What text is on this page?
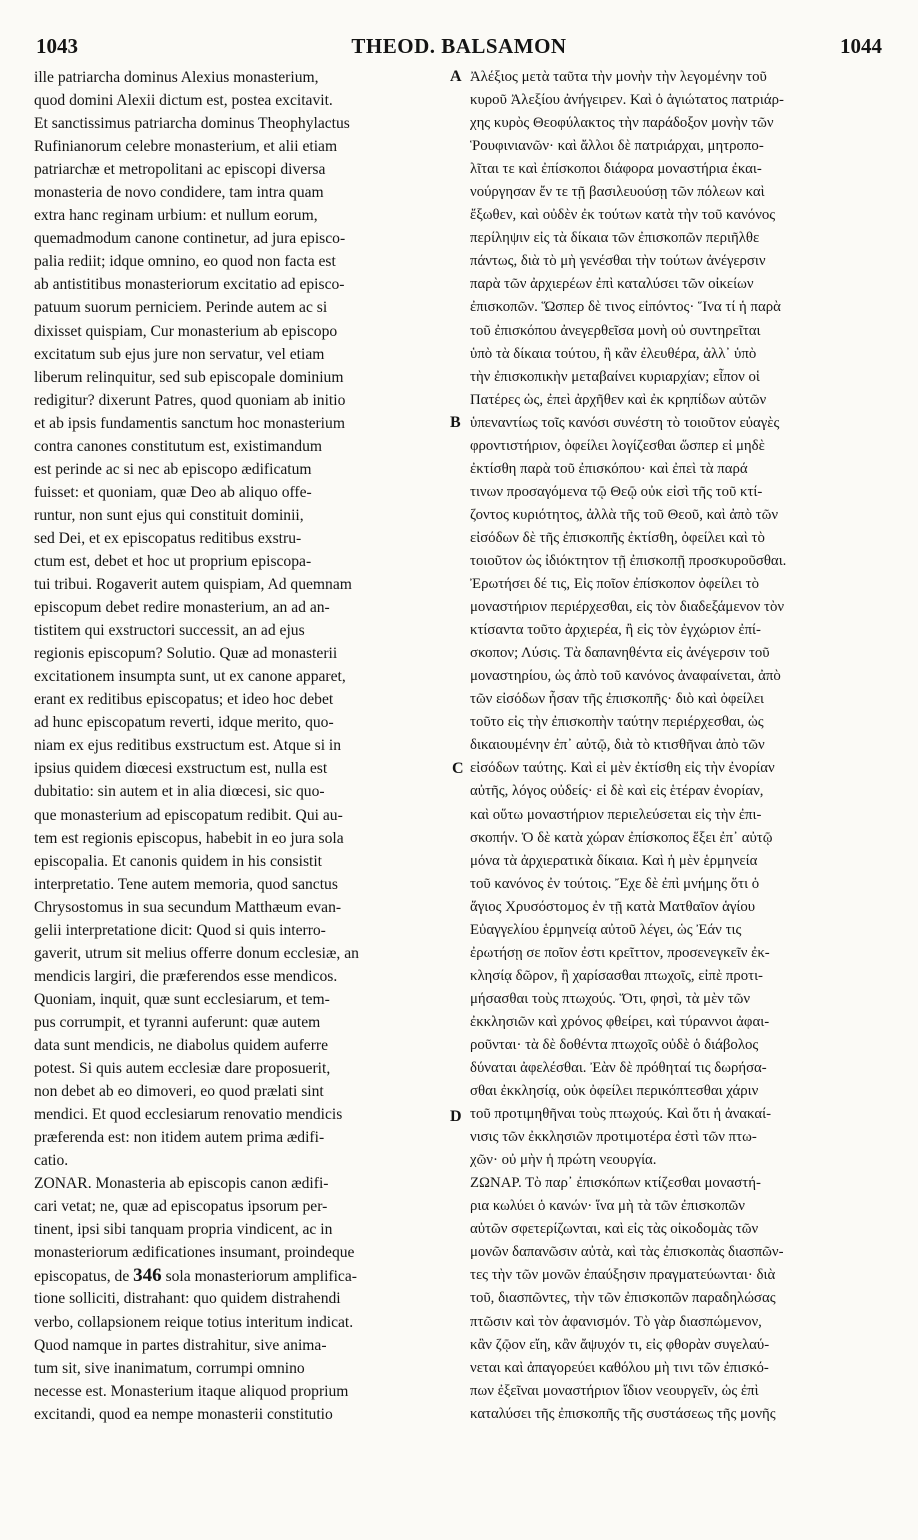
1043	THEOD. BALSAMON	1044
ille patriarcha dominus Alexius monasterium,
quod domini Alexii dictum est, postea excitavit.
Et sanctissimus patriarcha dominus Theophylactus
Rufinianorum celebre monasterium, et alii etiam
patriarchæ et metropolitani ac episcopi diversa
monasteria de novo condidere, tam intra quam
extra hanc reginam urbium: et nullum eorum,
quemadmodum canone continetur, ad jura episco-
palia rediit; idque omnino, eo quod non facta est
ab antistitibus monasteriorum excitatio ad episco-
patuum suorum perniciem. Perinde autem ac si
dixisset quispiam, Cur monasterium ab episcopo
excitatum sub ejus jure non servatur, vel etiam
liberum relinquitur, sed sub episcopale dominium
redigitur? dixerunt Patres, quod quoniam ab initio
et ab ipsis fundamentis sanctum hoc monasterium
contra canones constitutum est, existimandum
est perinde ac si nec ab episcopo ædificatum
fuisset: et quoniam, quæ Deo ab aliquo offe-
runtur, non sunt ejus qui constituit dominii,
sed Dei, et ex episcopatus reditibus exstru-
ctum est, debet et hoc ut proprium episcopa-
tui tribui. Rogaverit autem quispiam, Ad quemnam
episcopum debet redire monasterium, an ad an-
tistitem qui exstructori successit, an ad ejus
regionis episcopum? Solutio. Quæ ad monasterii
excitationem insumpta sunt, ut ex canone apparet,
erant ex reditibus episcopatus; et ideo hoc debet
ad hunc episcopatum reverti, idque merito, quo-
niam ex ejus reditibus exstructum est. Atque si in
ipsius quidem diœcesi exstructum est, nulla est
dubitatio: sin autem et in alia diœcesi, sic quo-
que monasterium ad episcopatum redibit. Qui au-
tem est regionis episcopus, habebit in eo jura sola
episcopalia. Et canonis quidem in his consistit
interpretatio. Tene autem memoria, quod sanctus
Chrysostomus in sua secundum Matthæum evan-
gelii interpretatione dicit: Quod si quis interro-
gaverit, utrum sit melius offerre donum ecclesiæ, an
mendicis largiri, die præferendos esse mendicos.
Quoniam, inquit, quæ sunt ecclesiarum, et tem-
pus corrumpit, et tyranni auferunt: quæ autem
data sunt mendicis, ne diabolus quidem auferre
potest. Si quis autem ecclesiæ dare proposuerit,
non debet ab eo dimoveri, eo quod prælati sint
mendici. Et quod ecclesiarum renovatio mendicis
præferenda est: non itidem autem prima ædifi-
catio.
ZONAR. Monasteria ab episcopis canon ædifi-
cari vetat; ne, quæ ad episcopatus ipsorum per-
tinent, ipsi sibi tanquam propria vindicent, ac in
monasteriorum ædificationes insumant, proindeque
episcopatus, de 346 sola monasteriorum amplifica-
tione solliciti, distrahant: quo quidem distrahendi
verbo, collapsionem reique totius interitum indicat.
Quod namque in partes distrahitur, sive anima-
tum sit, sive inanimatum, corrumpi omnino
necesse est. Monasterium itaque aliquod proprium
excitandi, quod ea nempe monasterii constitutio
Ἀλέξιος μετὰ ταῦτα τὴν μονὴν τὴν λεγομένην τοῦ
κυροῦ Ἀλεξίου ἀνήγειρεν. Καὶ ὁ ἁγιώτατος πατριάρ-
χης κυρὸς Θεοφύλακτος τὴν παράδοξον μονὴν τῶν
Ῥουφινιανῶν· καὶ ἄλλοι δὲ πατριάρχαι, μητροπο-
λῖται τε καὶ ἐπίσκοποι διάφορα μοναστήρια ἐκαι-
νούργησαν ἔν τε τῇ βασιλευούσῃ τῶν πόλεων καὶ
ἔξωθεν, καὶ οὐδὲν ἐκ τούτων κατὰ τὴν τοῦ κανόνος
περίληψιν εἰς τὰ δίκαια τῶν ἐπισκοπῶν περιῆλθε
πάντως, διὰ τὸ μὴ γενέσθαι τὴν τούτων ἀνέγερσιν
παρὰ τῶν ἀρχιερέων ἐπὶ καταλύσει τῶν οἰκείων
ἐπισκοπῶν. Ὥσπερ δὲ τινος εἰπόντος· Ἵνα τί ἡ παρὰ
τοῦ ἐπισκόπου ἀνεγερθεῖσα μονὴ οὐ συντηρεῖται
ὑπὸ τὰ δίκαια τούτου, ἢ κἂν ἐλευθέρα, ἀλλ᾽ ὑπὸ
τὴν ἐπισκοπικὴν μεταβαίνει κυριαρχίαν; εἶπον οἱ
Πατέρες ὡς, ἐπεὶ ἀρχῆθεν καὶ ἐκ κρηπίδων αὐτῶν
ὑπεναντίως τοῖς κανόσι συνέστη τὸ τοιοῦτον εὐαγὲς
φροντιστήριον, ὀφείλει λογίζεσθαι ὥσπερ εἰ μηδὲ
ἐκτίσθη παρὰ τοῦ ἐπισκόπου· καὶ ἐπεὶ τὰ παρά
τινων προσαγόμενα τῷ Θεῷ οὐκ εἰσὶ τῆς τοῦ κτί-
ζοντος κυριότητος, ἀλλὰ τῆς τοῦ Θεοῦ, καὶ ἀπὸ τῶν
εἰσόδων δὲ τῆς ἐπισκοπῆς ἐκτίσθη, ὀφείλει καὶ τὸ
τοιοῦτον ὡς ἰδιόκτητον τῇ ἐπισκοπῇ προσκυροῦσθαι.
Ἐρωτήσει δέ τις, Εἰς ποῖον ἐπίσκοπον ὀφείλει τὸ
μοναστήριον περιέρχεσθαι, εἰς τὸν διαδεξάμενον τὸν
κτίσαντα τοῦτο ἀρχιερέα, ἢ εἰς τὸν ἐγχώριον ἐπί-
σκοπον; Λύσις. Τὰ δαπανηθέντα εἰς ἀνέγερσιν τοῦ
μοναστηρίου, ὡς ἀπὸ τοῦ κανόνος ἀναφαίνεται, ἀπὸ
τῶν εἰσόδων ἦσαν τῆς ἐπισκοπῆς· διὸ καὶ ὀφείλει
τοῦτο εἰς τὴν ἐπισκοπὴν ταύτην περιέρχεσθαι, ὡς
δικαιουμένην ἐπ᾽ αὐτῷ, διὰ τὸ κτισθῆναι ἀπὸ τῶν
εἰσόδων ταύτης. Καὶ εἰ μὲν ἐκτίσθη εἰς τὴν ἐνορίαν
αὐτῆς, λόγος οὐδείς· εἰ δὲ καὶ εἰς ἑτέραν ἐνορίαν,
καὶ οὕτω μοναστήριον περιελεύσεται εἰς τὴν ἐπι-
σκοπήν. Ὁ δὲ κατὰ χώραν ἐπίσκοπος ἕξει ἐπ᾽ αὐτῷ
μόνα τὰ ἀρχιερατικὰ δίκαια. Καὶ ἡ μὲν ἑρμηνεία
τοῦ κανόνος ἐν τούτοις. Ἔχε δὲ ἐπὶ μνήμης ὅτι ὁ
ἅγιος Χρυσόστομος ἐν τῇ κατὰ Ματθαῖον ἁγίου
Εὐαγγελίου ἑρμηνείᾳ αὐτοῦ λέγει, ὡς Ἐάν τις
ἐρωτήσῃ σε ποῖον ἐστι κρεῖττον, προσενεγκεῖν ἐκ-
κλησίᾳ δῶρον, ἢ χαρίσασθαι πτωχοῖς, εἰπὲ προτι-
μήσασθαι τοὺς πτωχούς. Ὅτι, φησὶ, τὰ μὲν τῶν
ἐκκλησιῶν καὶ χρόνος φθείρει, καὶ τύραννοι ἀφαι-
ροῦνται· τὰ δὲ δοθέντα πτωχοῖς οὐδὲ ὁ διάβολος
δύναται ἀφελέσθαι. Ἐὰν δὲ πρόθηταί τις δωρήσα-
σθαι ἐκκλησίᾳ, οὐκ ὀφείλει περικόπτεσθαι χάριν
τοῦ προτιμηθῆναι τοὺς πτωχούς. Καὶ ὅτι ἡ ἀνακαί-
νισις τῶν ἐκκλησιῶν προτιμοτέρα ἐστὶ τῶν πτω-
χῶν· οὐ μὴν ἡ πρώτη νεουργία.
ΖΩΝΑΡ. Τὸ παρ᾽ ἐπισκόπων κτίζεσθαι μοναστή-
ρια κωλύει ὁ κανών· ἵνα μὴ τὰ τῶν ἐπισκοπῶν
αὐτῶν σφετερίζωνται, καὶ εἰς τὰς οἰκοδομὰς τῶν
μονῶν δαπανῶσιν αὐτὰ, καὶ τὰς ἐπισκοπὰς διασπῶν-
τες τὴν τῶν μονῶν ἐπαύξησιν πραγματεύωνται· διὰ
τοῦ, διασπῶντες, τὴν τῶν ἐπισκοπῶν παραδηλώσας
πτῶσιν καὶ τὸν ἀφανισμόν. Τὸ γὰρ διασπώμενον,
κἂν ζῷον εἴη, κἂν ἄψυχόν τι, εἰς φθορὰν συγελαύ-
νεται καὶ ἀπαγορεύει καθόλου μὴ τινι τῶν ἐπισκό-
πων ἐξεῖναι μοναστήριον ἴδιον νεουργεῖν, ὡς ἐπὶ
καταλύσει τῆς ἐπισκοπῆς τῆς συστάσεως τῆς μονῆς
A
B
C
D
